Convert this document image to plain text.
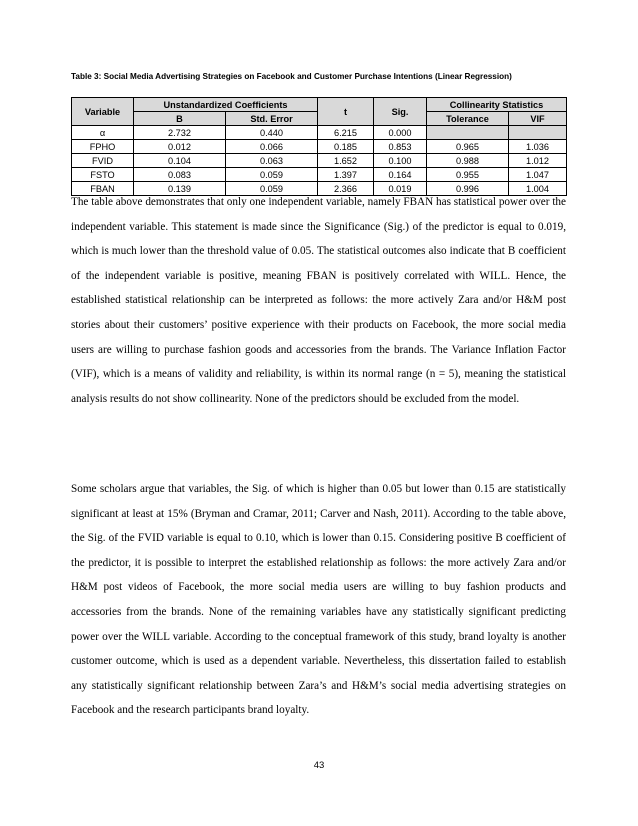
Table 3: Social Media Advertising Strategies on Facebook and Customer Purchase Intentions (Linear Regression)
Variable	Unstandardized Coefficients		t	Sig.	Collinearity Statistics	
	B	Std. Error			Tolerance	VIF
α	2.732	0.440	6.215	0.000		
FPHO	0.012	0.066	0.185	0.853	0.965	1.036
FVID	0.104	0.063	1.652	0.100	0.988	1.012
FSTO	0.083	0.059	1.397	0.164	0.955	1.047
FBAN	0.139	0.059	2.366	0.019	0.996	1.004

The table above demonstrates that only one independent variable, namely FBAN has statistical power over the independent variable. This statement is made since the Significance (Sig.) of the predictor is equal to 0.019, which is much lower than the threshold value of 0.05. The statistical outcomes also indicate that B coefficient of the independent variable is positive, meaning FBAN is positively correlated with WILL. Hence, the established statistical relationship can be interpreted as follows: the more actively Zara and/or H&M post stories about their customers’ positive experience with their products on Facebook, the more social media users are willing to purchase fashion goods and accessories from the brands. The Variance Inflation Factor (VIF), which is a means of validity and reliability, is within its normal range (n = 5), meaning the statistical analysis results do not show collinearity. None of the predictors should be excluded from the model.

Some scholars argue that variables, the Sig. of which is higher than 0.05 but lower than 0.15 are statistically significant at least at 15% (Bryman and Cramar, 2011; Carver and Nash, 2011). According to the table above, the Sig. of the FVID variable is equal to 0.10, which is lower than 0.15. Considering positive B coefficient of the predictor, it is possible to interpret the established relationship as follows: the more actively Zara and/or H&M post videos of Facebook, the more social media users are willing to buy fashion products and accessories from the brands. None of the remaining variables have any statistically significant predicting power over the WILL variable. According to the conceptual framework of this study, brand loyalty is another customer outcome, which is used as a dependent variable. Nevertheless, this dissertation failed to establish any statistically significant relationship between Zara’s and H&M’s social media advertising strategies on Facebook and the research participants brand loyalty.

43
